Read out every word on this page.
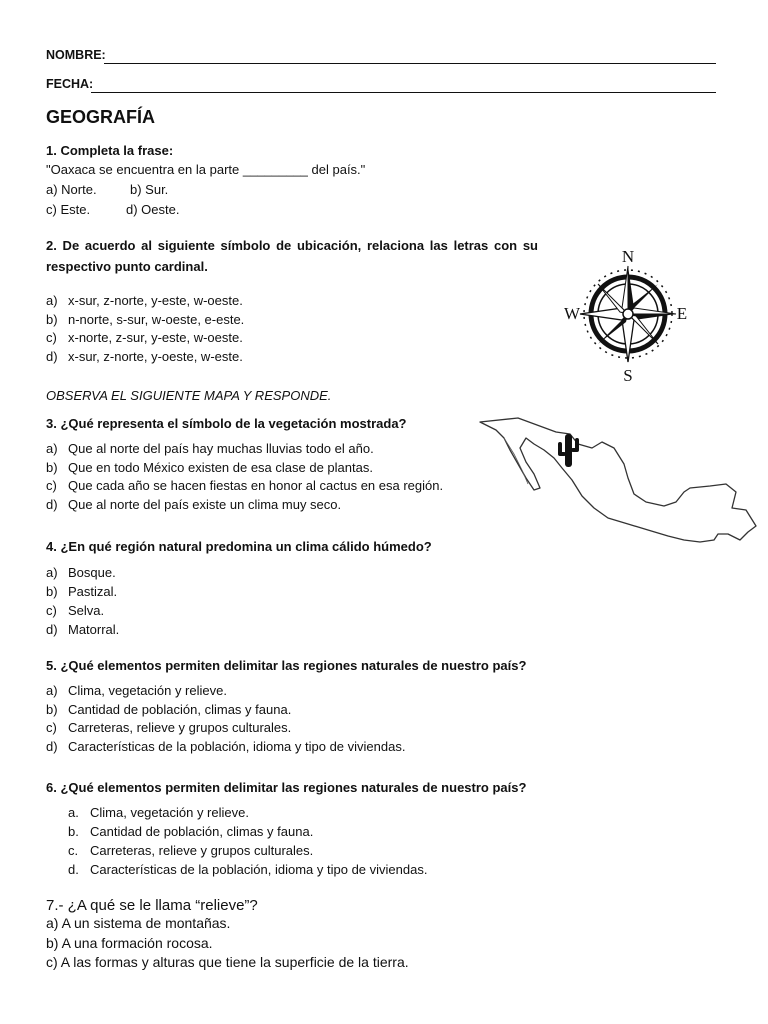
NOMBRE:
FECHA:
GEOGRAFÍA
1. Completa la frase:
"Oaxaca se encuentra en la parte _________ del país."
a) Norte.	b) Sur.
c) Este.	d) Oeste.
2. De acuerdo al siguiente símbolo de ubicación, relaciona las letras con su respectivo punto cardinal.
a) x-sur, z-norte, y-este, w-oeste.
b) n-norte, s-sur, w-oeste, e-este.
c) x-norte, z-sur, y-este, w-oeste.
d) x-sur, z-norte, y-oeste, w-este.
N
S
E
W
OBSERVA EL SIGUIENTE MAPA Y RESPONDE.
3. ¿Qué representa el símbolo de la vegetación mostrada?
a) Que al norte del país hay muchas lluvias todo el año.
b) Que en todo México existen de esa clase de plantas.
c) Que cada año se hacen fiestas en honor al cactus en esa región.
d) Que al norte del país existe un clima muy seco.
4. ¿En qué región natural predomina un clima cálido húmedo?
a) Bosque.
b) Pastizal.
c) Selva.
d) Matorral.
5. ¿Qué elementos permiten delimitar las regiones naturales de nuestro país?
a) Clima, vegetación y relieve.
b) Cantidad de población, climas y fauna.
c) Carreteras, relieve y grupos culturales.
d) Características de la población, idioma y tipo de viviendas.
6. ¿Qué elementos permiten delimitar las regiones naturales de nuestro país?
a. Clima, vegetación y relieve.
b. Cantidad de población, climas y fauna.
c. Carreteras, relieve y grupos culturales.
d. Características de la población, idioma y tipo de viviendas.
7.- ¿A qué se le llama “relieve”?
a) A un sistema de montañas.
b) A una formación rocosa.
c) A las formas y alturas que tiene la superficie de la tierra.
